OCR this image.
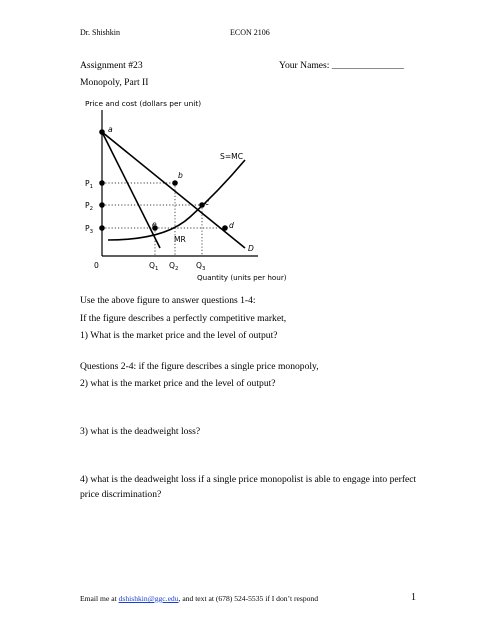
Dr. Shishkin	ECON 2106
Assignment #23	Your Names: _______________
Monopoly, Part II
Price and cost (dollars per unit)
Quantity (units per hour)
0
a
b
c
d
e
S=MC
MR
D
$P_1$
$P_2$
$P_3$
$Q_1$ $Q_2$ $Q_3$
Use the above figure to answer questions 1-4:
If the figure describes a perfectly competitive market,
1) What is the market price and the level of output?
Questions 2-4: if the figure describes a single price monopoly,
2) what is the market price and the level of output?
3) what is the deadweight loss?
4) what is the deadweight loss if a single price monopolist is able to engage into perfect
price discrimination?
Email me at dshishkin@ggc.edu, and text at (678) 524-5535 if I don’t respond	1
